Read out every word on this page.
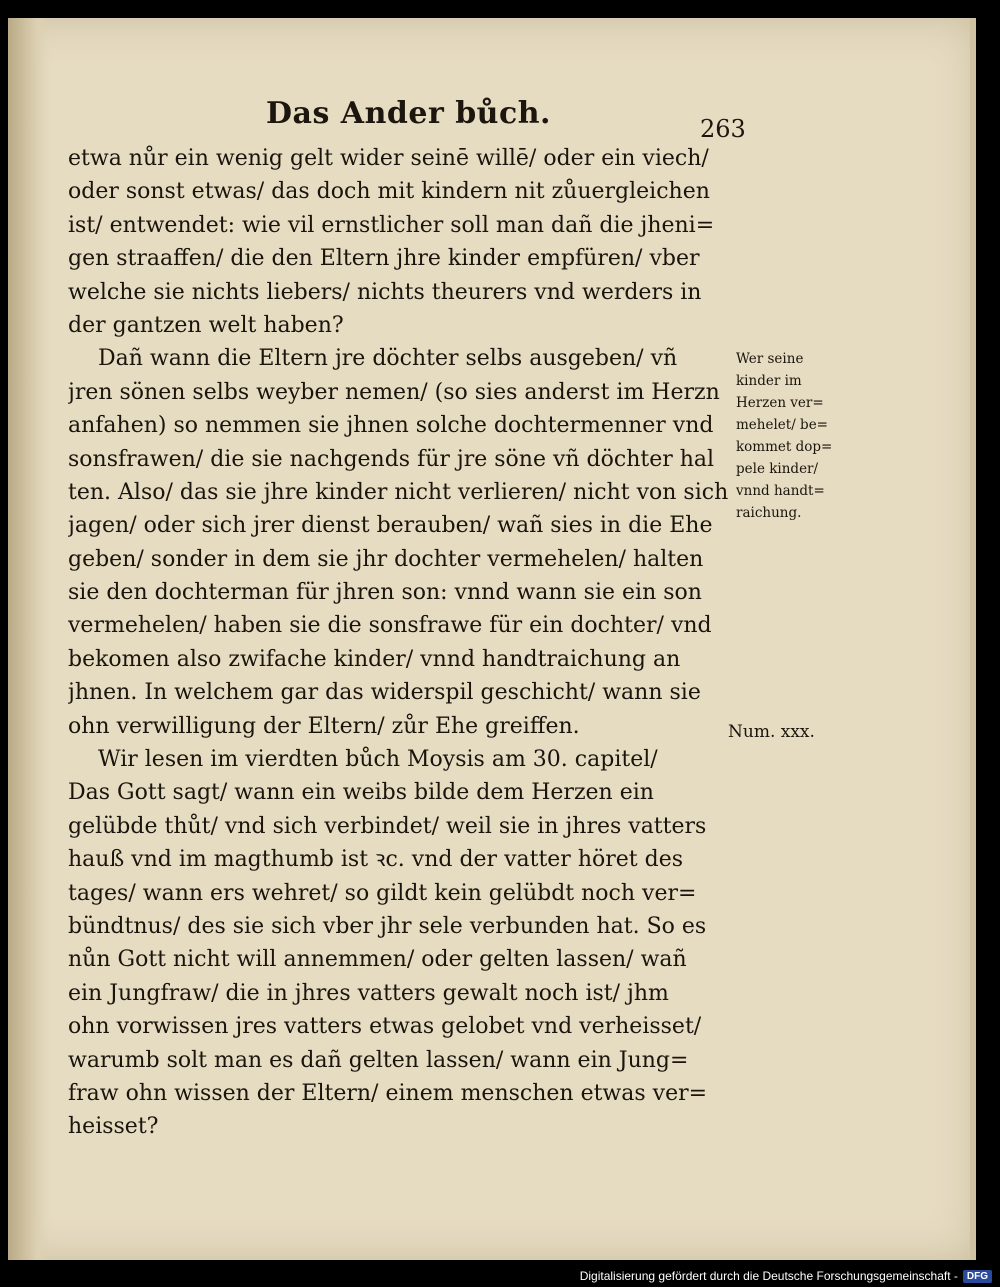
Das Ander bůch.	263
etwa nůr ein wenig gelt wider seinē willē/ oder ein viech/
oder sonst etwas/ das doch mit kindern nit zůuergleichen
ist/ entwendet: wie vil ernstlicher soll man dañ die jheni=
gen straaffen/ die den Eltern jhre kinder empfüren/ vber
welche sie nichts liebers/ nichts theurers vnd werders in
der gantzen welt haben?
Dañ wann die Eltern jre döchter selbs ausgeben/ vñ
jren sönen selbs weyber nemen/ (so sies anderst im Herzn
anfahen) so nemmen sie jhnen solche dochtermenner vnd
sonsfrawen/ die sie nachgends für jre söne vñ döchter hal
ten. Also/ das sie jhre kinder nicht verlieren/ nicht von sich
jagen/ oder sich jrer dienst berauben/ wañ sies in die Ehe
geben/ sonder in dem sie jhr dochter vermehelen/ halten
sie den dochterman für jhren son: vnnd wann sie ein son
vermehelen/ haben sie die sonsfrawe für ein dochter/ vnd
bekomen also zwifache kinder/ vnnd handtraichung an
jhnen. In welchem gar das widerspil geschicht/ wann sie
ohn verwilligung der Eltern/ zůr Ehe greiffen.
Wir lesen im vierdten bůch Moysis am 30. capitel/
Das Gott sagt/ wann ein weibs bilde dem Herzen ein
gelübde thůt/ vnd sich verbindet/ weil sie in jhres vatters
hauß vnd im magthumb ist ꝛc. vnd der vatter höret des
tages/ wann ers wehret/ so gildt kein gelübdt noch ver=
bündtnus/ des sie sich vber jhr sele verbunden hat. So es
nůn Gott nicht will annemmen/ oder gelten lassen/ wañ
ein Jungfraw/ die in jhres vatters gewalt noch ist/ jhm
ohn vorwissen jres vatters etwas gelobet vnd verheisset/
warumb solt man es dañ gelten lassen/ wann ein Jung=
fraw ohn wissen der Eltern/ einem menschen etwas ver=
heisset?
Wer seine
kinder im
Herzen ver=
mehelet/ be=
kommet dop=
pele kinder/
vnnd handt=
raichung.
Num. xxx.
Digitalisierung gefördert durch die Deutsche Forschungsgemeinschaft - DFG
